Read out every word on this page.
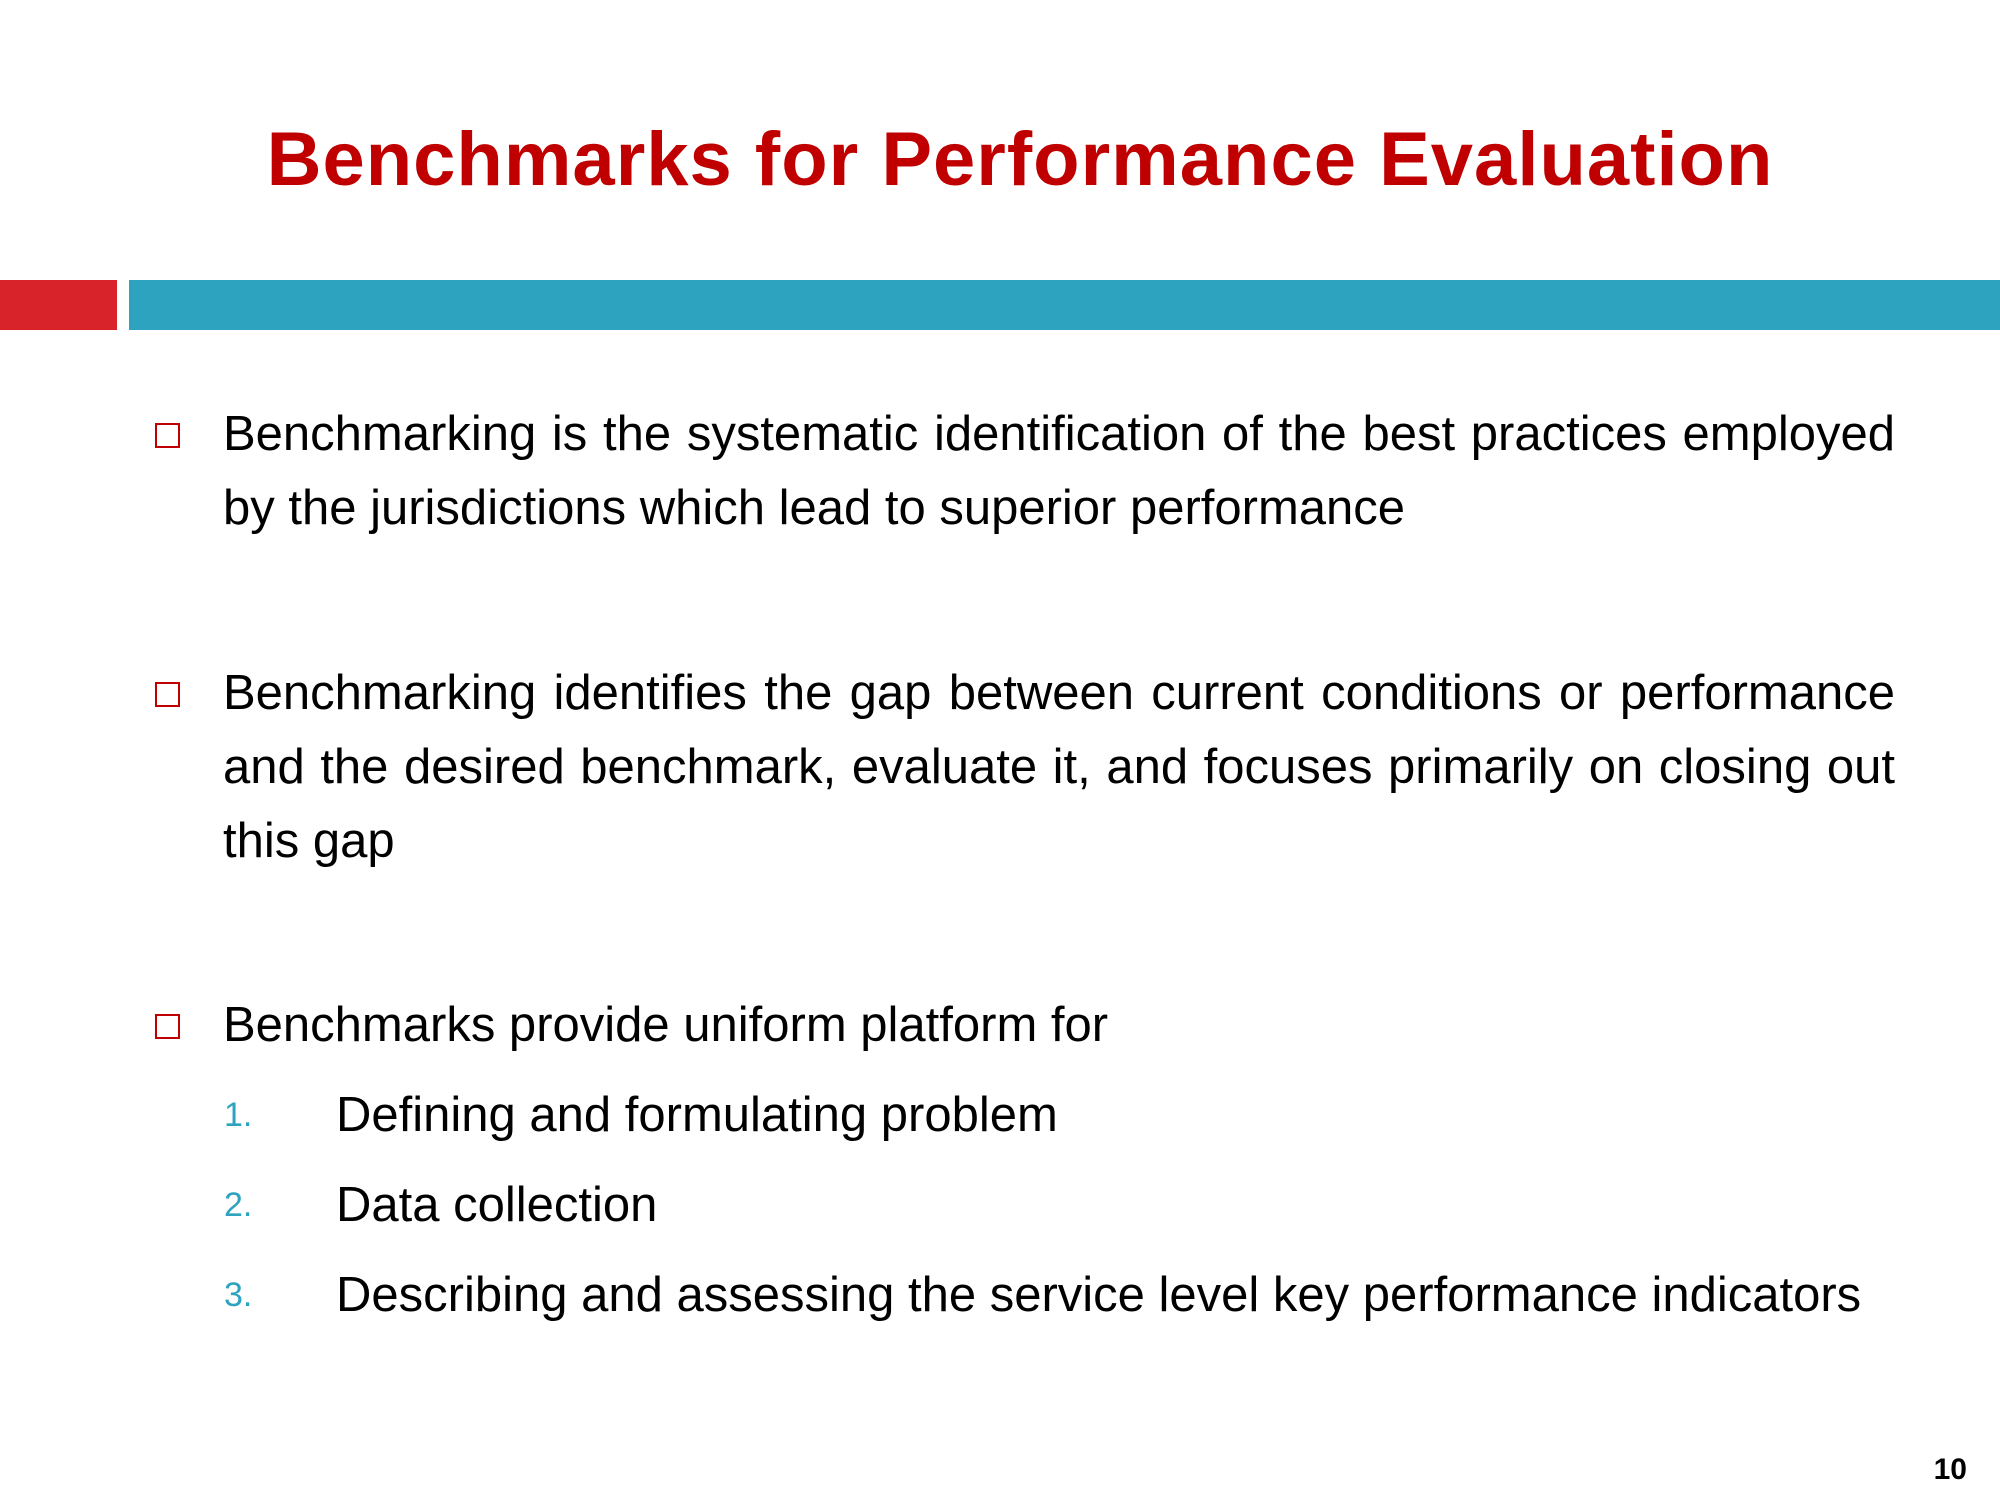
Benchmarks for Performance Evaluation

Benchmarking is the systematic identification of the best practices employed by the jurisdictions which lead to superior performance

Benchmarking identifies the gap between current conditions or performance and the desired benchmark, evaluate it, and focuses primarily on closing out this gap

Benchmarks provide uniform platform for

1. Defining and formulating problem

2. Data collection

3. Describing and assessing the service level key performance indicators

10
